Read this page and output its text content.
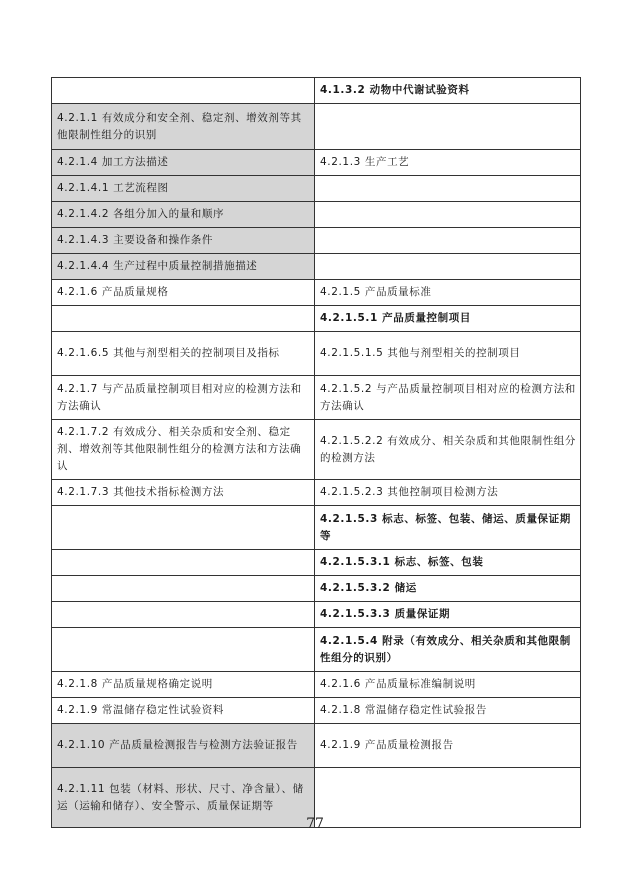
	4.1.3.2 动物中代谢试验资料
4.2.1.1 有效成分和安全剂、稳定剂、增效剂等其他限制性组分的识别	
4.2.1.4 加工方法描述	4.2.1.3 生产工艺
4.2.1.4.1 工艺流程图	
4.2.1.4.2 各组分加入的量和顺序	
4.2.1.4.3 主要设备和操作条件	
4.2.1.4.4 生产过程中质量控制措施描述	
4.2.1.6 产品质量规格	4.2.1.5 产品质量标准
	4.2.1.5.1 产品质量控制项目
4.2.1.6.5 其他与剂型相关的控制项目及指标	4.2.1.5.1.5 其他与剂型相关的控制项目
4.2.1.7 与产品质量控制项目相对应的检测方法和方法确认	4.2.1.5.2 与产品质量控制项目相对应的检测方法和方法确认
4.2.1.7.2 有效成分、相关杂质和安全剂、稳定剂、增效剂等其他限制性组分的检测方法和方法确认	4.2.1.5.2.2 有效成分、相关杂质和其他限制性组分的检测方法
4.2.1.7.3 其他技术指标检测方法	4.2.1.5.2.3 其他控制项目检测方法
	4.2.1.5.3 标志、标签、包装、储运、质量保证期等
	4.2.1.5.3.1 标志、标签、包装
	4.2.1.5.3.2 储运
	4.2.1.5.3.3 质量保证期
	4.2.1.5.4 附录（有效成分、相关杂质和其他限制性组分的识别）
4.2.1.8 产品质量规格确定说明	4.2.1.6 产品质量标准编制说明
4.2.1.9 常温储存稳定性试验资料	4.2.1.8 常温储存稳定性试验报告
4.2.1.10 产品质量检测报告与检测方法验证报告	4.2.1.9 产品质量检测报告
4.2.1.11 包装（材料、形状、尺寸、净含量）、储运（运输和储存）、安全警示、质量保证期等	
77
